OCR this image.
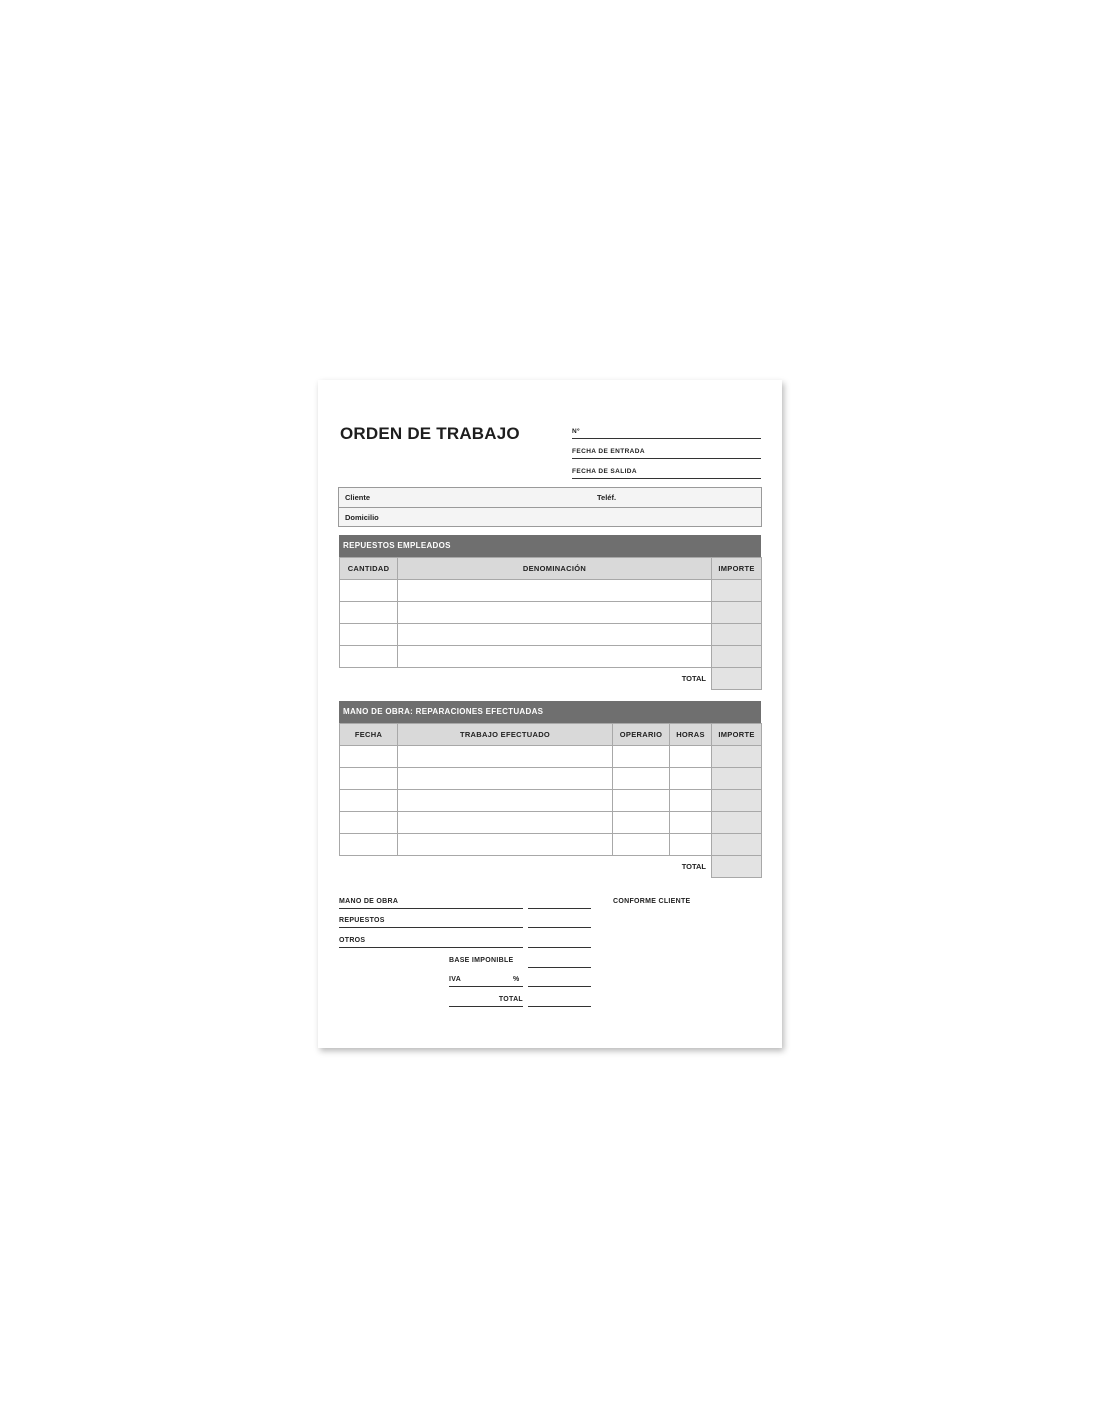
ORDEN DE TRABAJO	Nº
FECHA DE ENTRADA
FECHA DE SALIDA
Cliente	Teléf.
Domicilio
REPUESTOS EMPLEADOS
CANTIDAD	DENOMINACIÓN	IMPORTE

TOTAL		
MANO DE OBRA: REPARACIONES EFECTUADAS
FECHA	TRABAJO EFECTUADO	OPERARIO	HORAS	IMPORTE

TOTAL				
MANO DE OBRA
REPUESTOS
OTROS
BASE IMPONIBLE
IVA	%
TOTAL
CONFORME CLIENTE
